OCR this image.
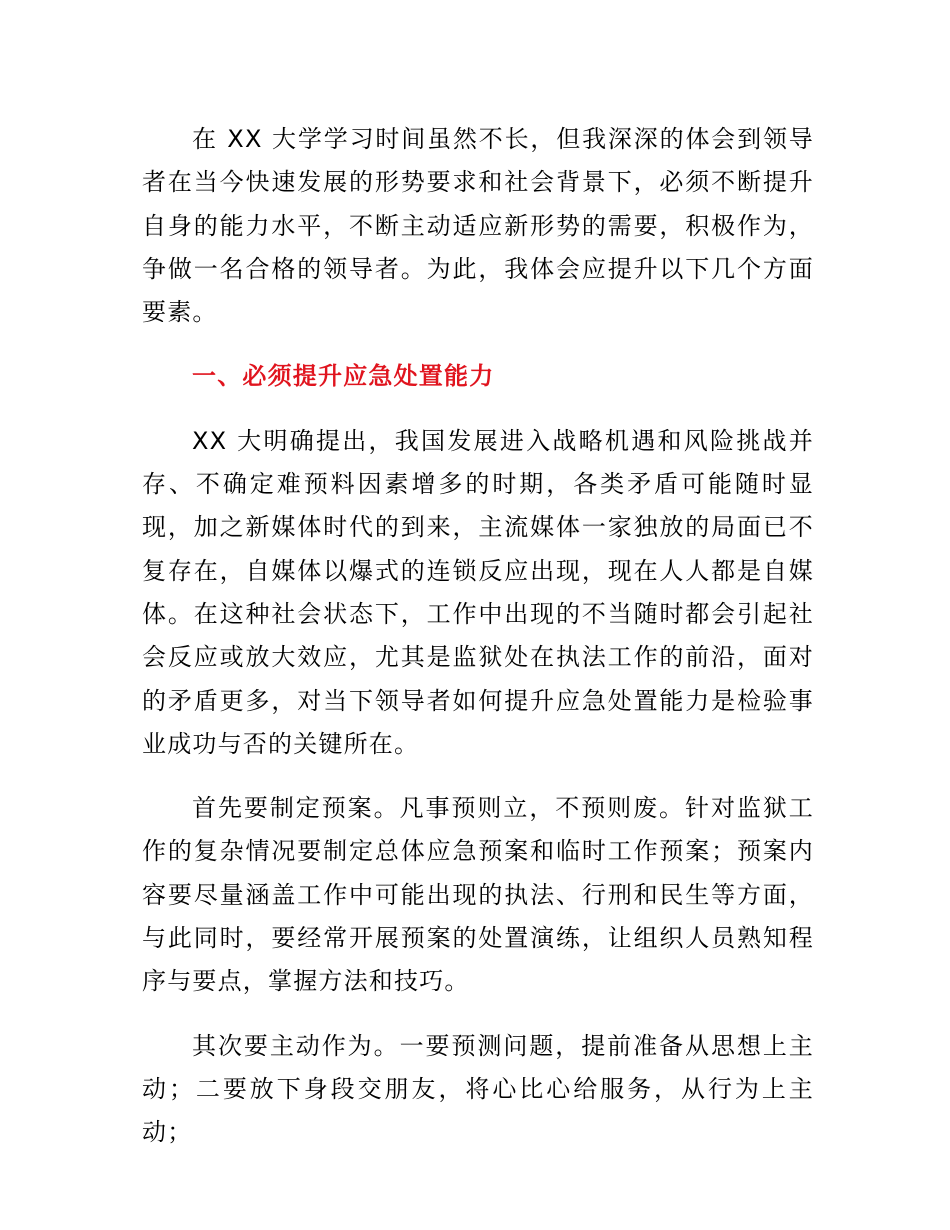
在 XX 大学学习时间虽然不长，但我深深的体会到领导者在当今快速发展的形势要求和社会背景下，必须不断提升自身的能力水平，不断主动适应新形势的需要，积极作为，争做一名合格的领导者。为此，我体会应提升以下几个方面要素。

一、必须提升应急处置能力

XX 大明确提出，我国发展进入战略机遇和风险挑战并存、不确定难预料因素增多的时期，各类矛盾可能随时显现，加之新媒体时代的到来，主流媒体一家独放的局面已不复存在，自媒体以爆式的连锁反应出现，现在人人都是自媒体。在这种社会状态下，工作中出现的不当随时都会引起社会反应或放大效应，尤其是监狱处在执法工作的前沿，面对的矛盾更多，对当下领导者如何提升应急处置能力是检验事业成功与否的关键所在。

首先要制定预案。凡事预则立，不预则废。针对监狱工作的复杂情况要制定总体应急预案和临时工作预案；预案内容要尽量涵盖工作中可能出现的执法、行刑和民生等方面，与此同时，要经常开展预案的处置演练，让组织人员熟知程序与要点，掌握方法和技巧。

其次要主动作为。一要预测问题，提前准备从思想上主动；二要放下身段交朋友，将心比心给服务，从行为上主动；
